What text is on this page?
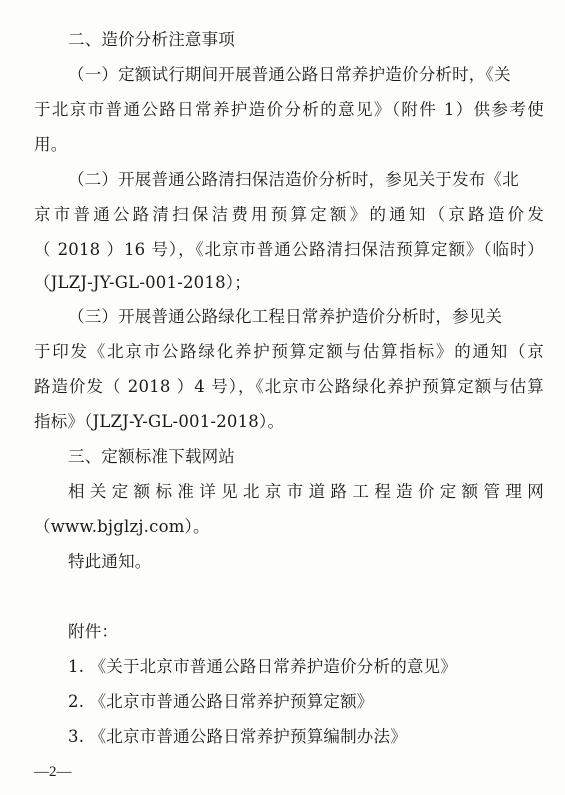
二、造价分析注意事项
（一）定额试行期间开展普通公路日常养护造价分析时，《关
于北京市普通公路日常养护造价分析的意见》（附件 1）供参考使
用。
（二）开展普通公路清扫保洁造价分析时，参见关于发布《北
京市普通公路清扫保洁费用预算定额》的通知（京路造价发
（ 2018 ）16 号），《北京市普通公路清扫保洁预算定额》（临时）
（JLZJ-JY-GL-001-2018）；
（三）开展普通公路绿化工程日常养护造价分析时，参见关
于印发《北京市公路绿化养护预算定额与估算指标》的通知（京
路造价发（ 2018 ）4 号），《北京市公路绿化养护预算定额与估算
指标》（JLZJ-Y-GL-001-2018）。
三、定额标准下载网站
相关定额标准详见北京市道路工程造价定额管理网
（www.bjglzj.com）。
特此通知。
附件：
1. 《关于北京市普通公路日常养护造价分析的意见》
2. 《北京市普通公路日常养护预算定额》
3. 《北京市普通公路日常养护预算编制办法》
—2—
